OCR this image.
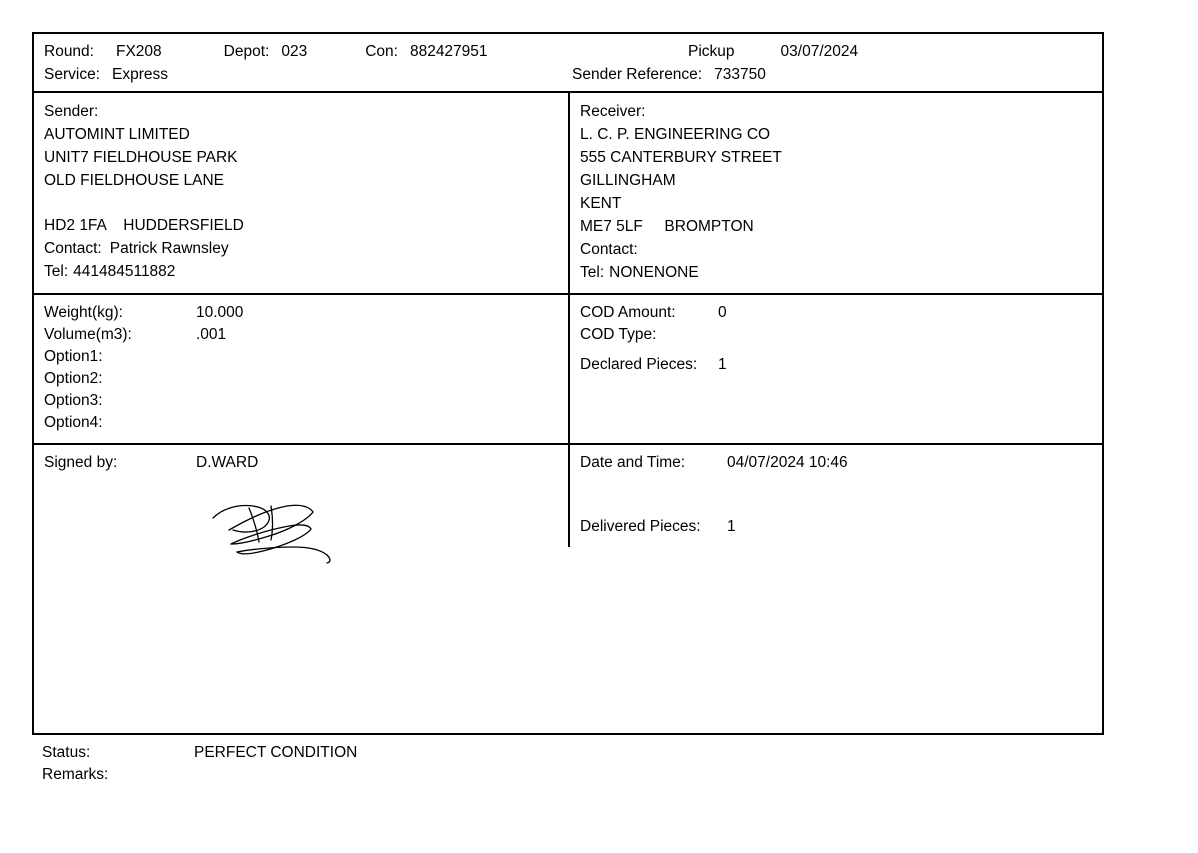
Round: FX208	Depot: 023	Con: 882427951
Service: Express
Pickup	03/07/2024
Sender Reference: 733750
Sender:
AUTOMINT LIMITED
UNIT7 FIELDHOUSE PARK
OLD FIELDHOUSE LANE
HD2 1FA    HUDDERSFIELD
Contact: Patrick Rawnsley
Tel: 441484511882
Receiver:
L. C. P. ENGINEERING CO
555 CANTERBURY STREET
GILLINGHAM
KENT
ME7 5LF     BROMPTON
Contact:
Tel: NONENONE
Weight(kg):	10.000
Volume(m3):	.001
Option1:
Option2:
Option3:
Option4:
COD Amount:	0
COD Type:
Declared Pieces: 1
Signed by:	D.WARD	Date and Time:	04/07/2024 10:46
Delivered Pieces: 1
Status:	PERFECT CONDITION
Remarks:
